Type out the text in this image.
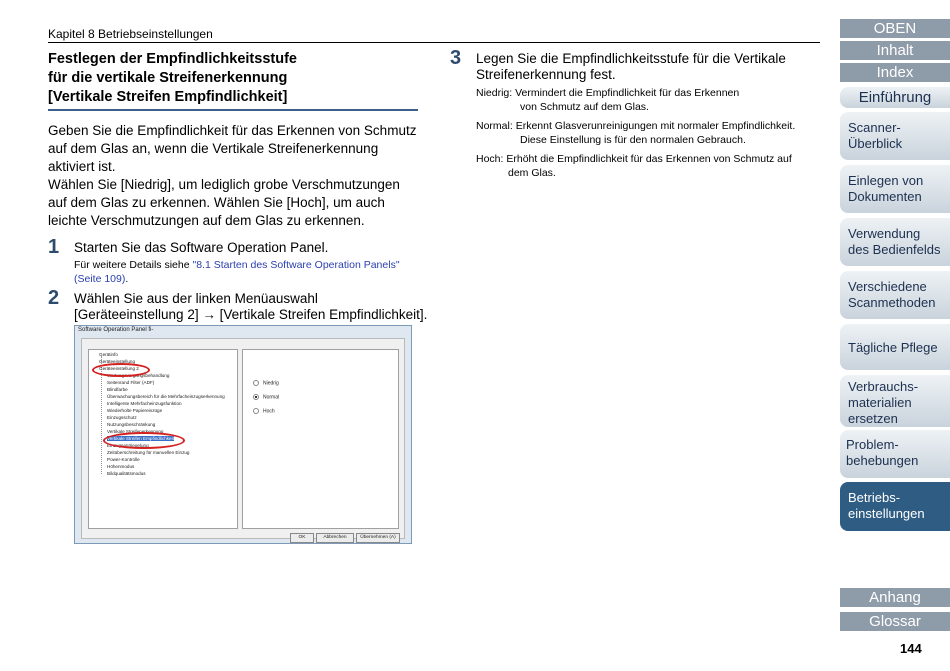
Kapitel 8 Betriebseinstellungen
Festlegen der Empfindlichkeitsstufe
für die vertikale Streifenerkennung
[Vertikale Streifen Empfindlichkeit]
Geben Sie die Empfindlichkeit für das Erkennen von Schmutz
auf dem Glas an, wenn die Vertikale Streifenerkennung
aktiviert ist.
Wählen Sie [Niedrig], um lediglich grobe Verschmutzungen
auf dem Glas zu erkennen. Wählen Sie [Hoch], um auch
leichte Verschmutzungen auf dem Glas zu erkennen.
1 Starten Sie das Software Operation Panel.
Für weitere Details siehe "8.1 Starten des Software Operation Panels" (Seite 109).
2 Wählen Sie aus der linken Menüauswahl
[Geräteeinstellung 2] → [Vertikale Streifen Empfindlichkeit].
Software Operation Panel fi-
Gerätinfo
Geräteeinstellung
Geräteeinstellung 2
Wartungsvorgangsbehandlung
Seitenrand Filter (ADF)
Blindfarbe
Überwachungsbereich für die Mehrfacheinzugserkennung
Intelligente Mehrfacheinzugsfunktion
Wiederholte Papiereinzüge
Einzugsschutz
Nutzungsbeschränkung
Vertikale Streifenerkennung
Vertikale Streifen Empfindlichkeit
Einzugsentriegelung
Zeitüberschreitung für manuellen Einzug
Power-Kontrolle
Höhenmodus
Bildqualitätsmodus
Niedrig
Normal
Hoch
OK	Abbrechen	Übernehmen (A)
3 Legen Sie die Empfindlichkeitsstufe für die Vertikale
Streifenerkennung fest.
Niedrig: Vermindert die Empfindlichkeit für das Erkennen
von Schmutz auf dem Glas.
Normal: Erkennt Glasverunreinigungen mit normaler Empfindlichkeit.
Diese Einstellung is für den normalen Gebrauch.
Hoch: Erhöht die Empfindlichkeit für das Erkennen von Schmutz auf
dem Glas.
OBEN
Inhalt
Index
Einführung
Scanner-
Überblick
Einlegen von
Dokumenten
Verwendung
des Bedienfelds
Verschiedene
Scanmethoden
Tägliche Pflege
Verbrauchs-
materialien
ersetzen
Problem-
behebungen
Betriebs-
einstellungen
Anhang
Glossar
144
